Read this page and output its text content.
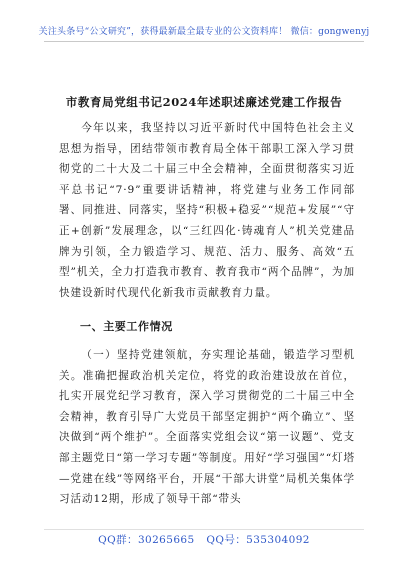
关注头条号“公文研究”，获得最新最全最专业的公文资料库！ 微信：gongwenyj
市教育局党组书记2024年述职述廉述党建工作报告
今年以来，我坚持以习近平新时代中国特色社会主义思想为指导，团结带领市教育局全体干部职工深入学习贯彻党的二十大及二十届三中全会精神，全面贯彻落实习近平总书记“7·9”重要讲话精神，将党建与业务工作同部署、同推进、同落实，坚持“积极+稳妥”“规范+发展”“守正+创新”发展理念，以“三红四化·铸魂育人”机关党建品牌为引领，全力锻造学习、规范、活力、服务、高效“五型”机关，全力打造我市教育、教育我市“两个品牌”，为加快建设新时代现代化新我市贡献教育力量。
一、主要工作情况
（一）坚持党建领航，夯实理论基础，锻造学习型机关。准确把握政治机关定位，将党的政治建设放在首位，扎实开展党纪学习教育，深入学习贯彻党的二十届三中全会精神，教育引导广大党员干部坚定拥护“两个确立”、坚决做到“两个维护”。全面落实党组会议“第一议题”、党支部主题党日“第一学习专题”等制度。用好“学习强国”“灯塔—党建在线”等网络平台，开展“干部大讲堂”局机关集体学习活动12期，形成了领导干部“带头
QQ群：30265665 QQ号：535304092
